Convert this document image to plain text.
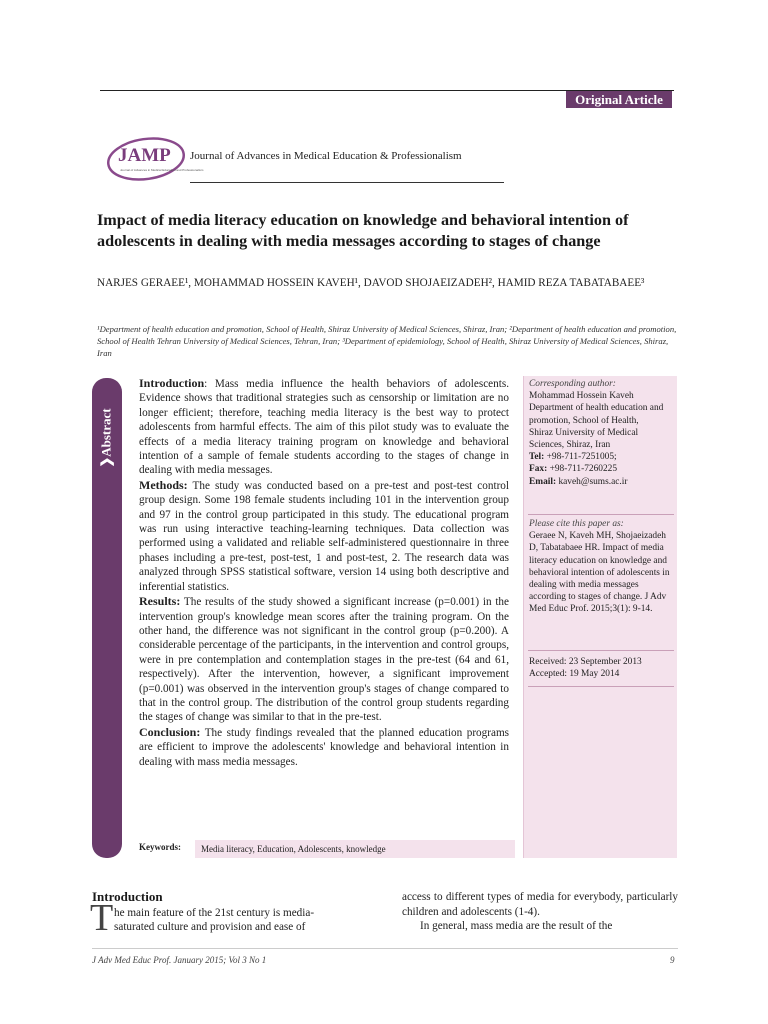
Original Article
JAMP
Journal of Advances in Medical Education and Professionalism
Journal of Advances in Medical Education & Professionalism
Impact of media literacy education on knowledge and behavioral intention of adolescents in dealing with media messages according to stages of change
NARJES GERAEE¹, MOHAMMAD HOSSEIN KAVEH¹, DAVOD SHOJAEIZADEH², HAMID REZA TABATABAEE³
¹Department of health education and promotion, School of Health, Shiraz University of Medical Sciences, Shiraz, Iran; ²Department of health education and promotion, School of Health Tehran University of Medical Sciences, Tehran, Iran; ³Department of epidemiology, School of Health, Shiraz University of Medical Sciences, Shiraz, Iran
❯Abstract

Introduction: Mass media influence the health behaviors of adolescents. Evidence shows that traditional strategies such as censorship or limitation are no longer efficient; therefore, teaching media literacy is the best way to protect adolescents from harmful effects. The aim of this pilot study was to evaluate the effects of a media literacy training program on knowledge and behavioral intention of a sample of female students according to the stages of change in dealing with media messages.

Methods: The study was conducted based on a pre-test and post-test control group design. Some 198 female students including 101 in the intervention group and 97 in the control group participated in this study. The educational program was run using interactive teaching-learning techniques. Data collection was performed using a validated and reliable self-administered questionnaire in three phases including a pre-test, post-test, 1 and post-test, 2. The research data was analyzed through SPSS statistical software, version 14 using both descriptive and inferential statistics.

Results: The results of the study showed a significant increase (p=0.001) in the intervention group's knowledge mean scores after the training program. On the other hand, the difference was not significant in the control group (p=0.200). A considerable percentage of the participants, in the intervention and control groups, were in pre contemplation and contemplation stages in the pre-test (64 and 61, respectively). After the intervention, however, a significant improvement (p=0.001) was observed in the intervention group's stages of change compared to that in the control group. The distribution of the control group students regarding the stages of change was similar to that in the pre-test.

Conclusion: The study findings revealed that the planned education programs are efficient to improve the adolescents' knowledge and behavioral intention in dealing with mass media messages.

Keywords:	Media literacy, Education, Adolescents, knowledge
Corresponding author:
Mohammad Hossein Kaveh
Department of health education and promotion, School of Health,
Shiraz University of Medical Sciences, Shiraz, Iran
Tel: +98-711-7251005;
Fax: +98-711-7260225
Email: kaveh@sums.ac.ir
Please cite this paper as:
Geraee N, Kaveh MH, Shojaeizadeh D, Tabatabaee HR. Impact of media literacy education on knowledge and behavioral intention of adolescents in dealing with media messages according to stages of change. J Adv Med Educ Prof. 2015;3(1): 9-14.
Received: 23 September 2013
Accepted: 19 May 2014
Introduction
T he main feature of the 21st century is media-
saturated culture and provision and ease of
access to different types of media for everybody, particularly children and adolescents (1-4).
In general, mass media are the result of the
J Adv Med Educ Prof. January 2015; Vol 3 No 1	9
